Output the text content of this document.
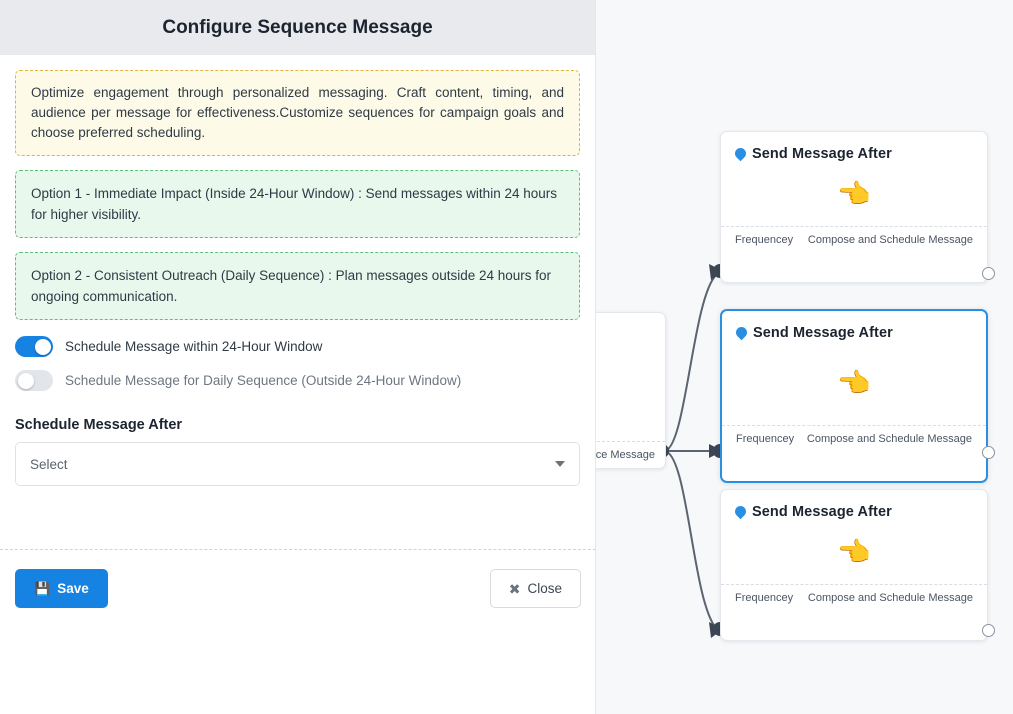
ce Message
Send Message After
👈
Frequencey Compose and Schedule Message
Send Message After
👈
Frequencey Compose and Schedule Message
Send Message After
👈
Frequencey Compose and Schedule Message
Configure Sequence Message
Optimize engagement through personalized messaging. Craft content, timing, and audience per message for effectiveness.Customize sequences for campaign goals and choose preferred scheduling.
Option 1 - Immediate Impact (Inside 24-Hour Window) : Send messages within 24 hours for higher visibility.
Option 2 - Consistent Outreach (Daily Sequence) : Plan messages outside 24 hours for ongoing communication.
Schedule Message within 24-Hour Window
Schedule Message for Daily Sequence (Outside 24-Hour Window)
Schedule Message After
Select
💾 Save	✖ Close
